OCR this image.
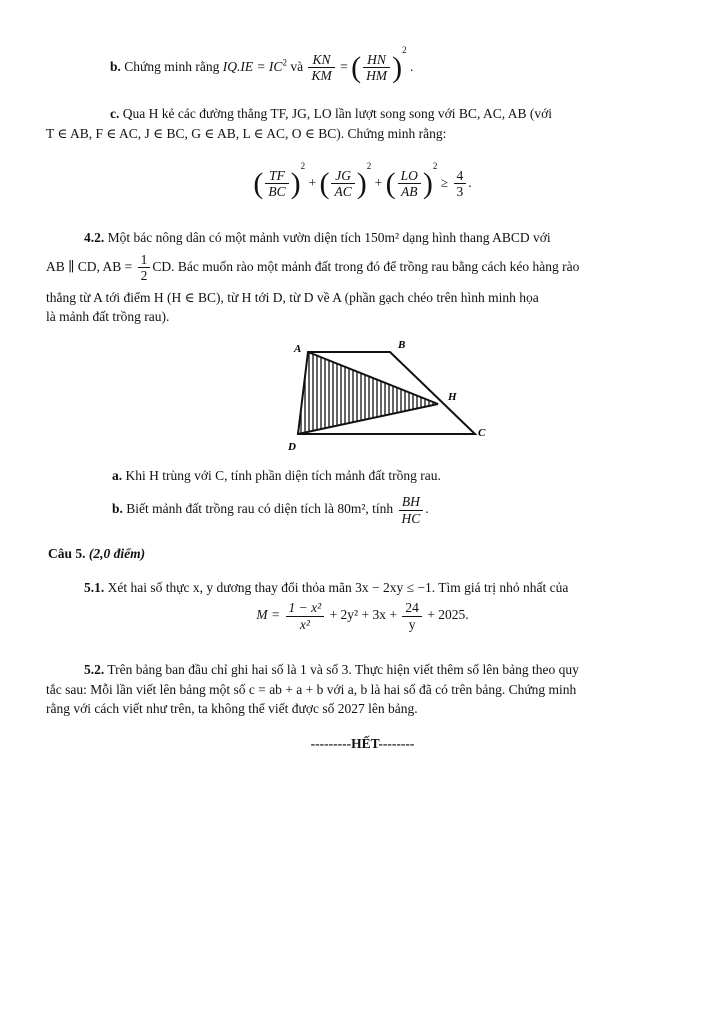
b. Chứng minh rằng $IQ.IE = IC^2$ và $\frac{KN}{KM}$ = ( $\frac{HN}{HM} )^2$ .
c. Qua H kẻ các đường thẳng TF, JG, LO lần lượt song song với BC, AC, AB (với
T ∈ AB, F ∈ AC, J ∈ BC, G ∈ AB, L ∈ AC, O ∈ BC). Chứng minh rằng:
( $\frac{TF}{BC} )^2$ + ( $\frac{JG}{AC} )^2$ + ( $\frac{LO}{AB} )^2 \ge \frac{4}{3}$ .
4.2. Một bác nông dân có một mảnh vườn diện tích 150m² dạng hình thang ABCD với
AB ∥ CD, AB = $\frac{1}{2}$ CD. Bác muốn rào một mảnh đất trong đó để trồng rau bằng cách kéo hàng rào
thẳng từ A tới điểm H (H ∈ BC), từ H tới D, từ D về A (phần gạch chéo trên hình minh họa
là mảnh đất trồng rau).
A	B
H
C
D
a. Khi H trùng với C, tính phần diện tích mảnh đất trồng rau.
b. Biết mảnh đất trồng rau có diện tích là 80m², tính $\frac{BH}{HC}$ .
Câu 5. (2,0 điểm)
5.1. Xét hai số thực x, y dương thay đổi thỏa mãn 3x − 2xy ≤ −1. Tìm giá trị nhỏ nhất của
$M = \frac{\text{1 − x²}}{\text{x²}} + 2y^2 + 3x + \frac{24}{y} + 2025$.
5.2. Trên bảng ban đầu chỉ ghi hai số là 1 và số 3. Thực hiện viết thêm số lên bảng theo quy
tắc sau: Mỗi lần viết lên bảng một số c = ab + a + b với a, b là hai số đã có trên bảng. Chứng minh
rằng với cách viết như trên, ta không thể viết được số 2027 lên bảng.
---------HẾT--------
